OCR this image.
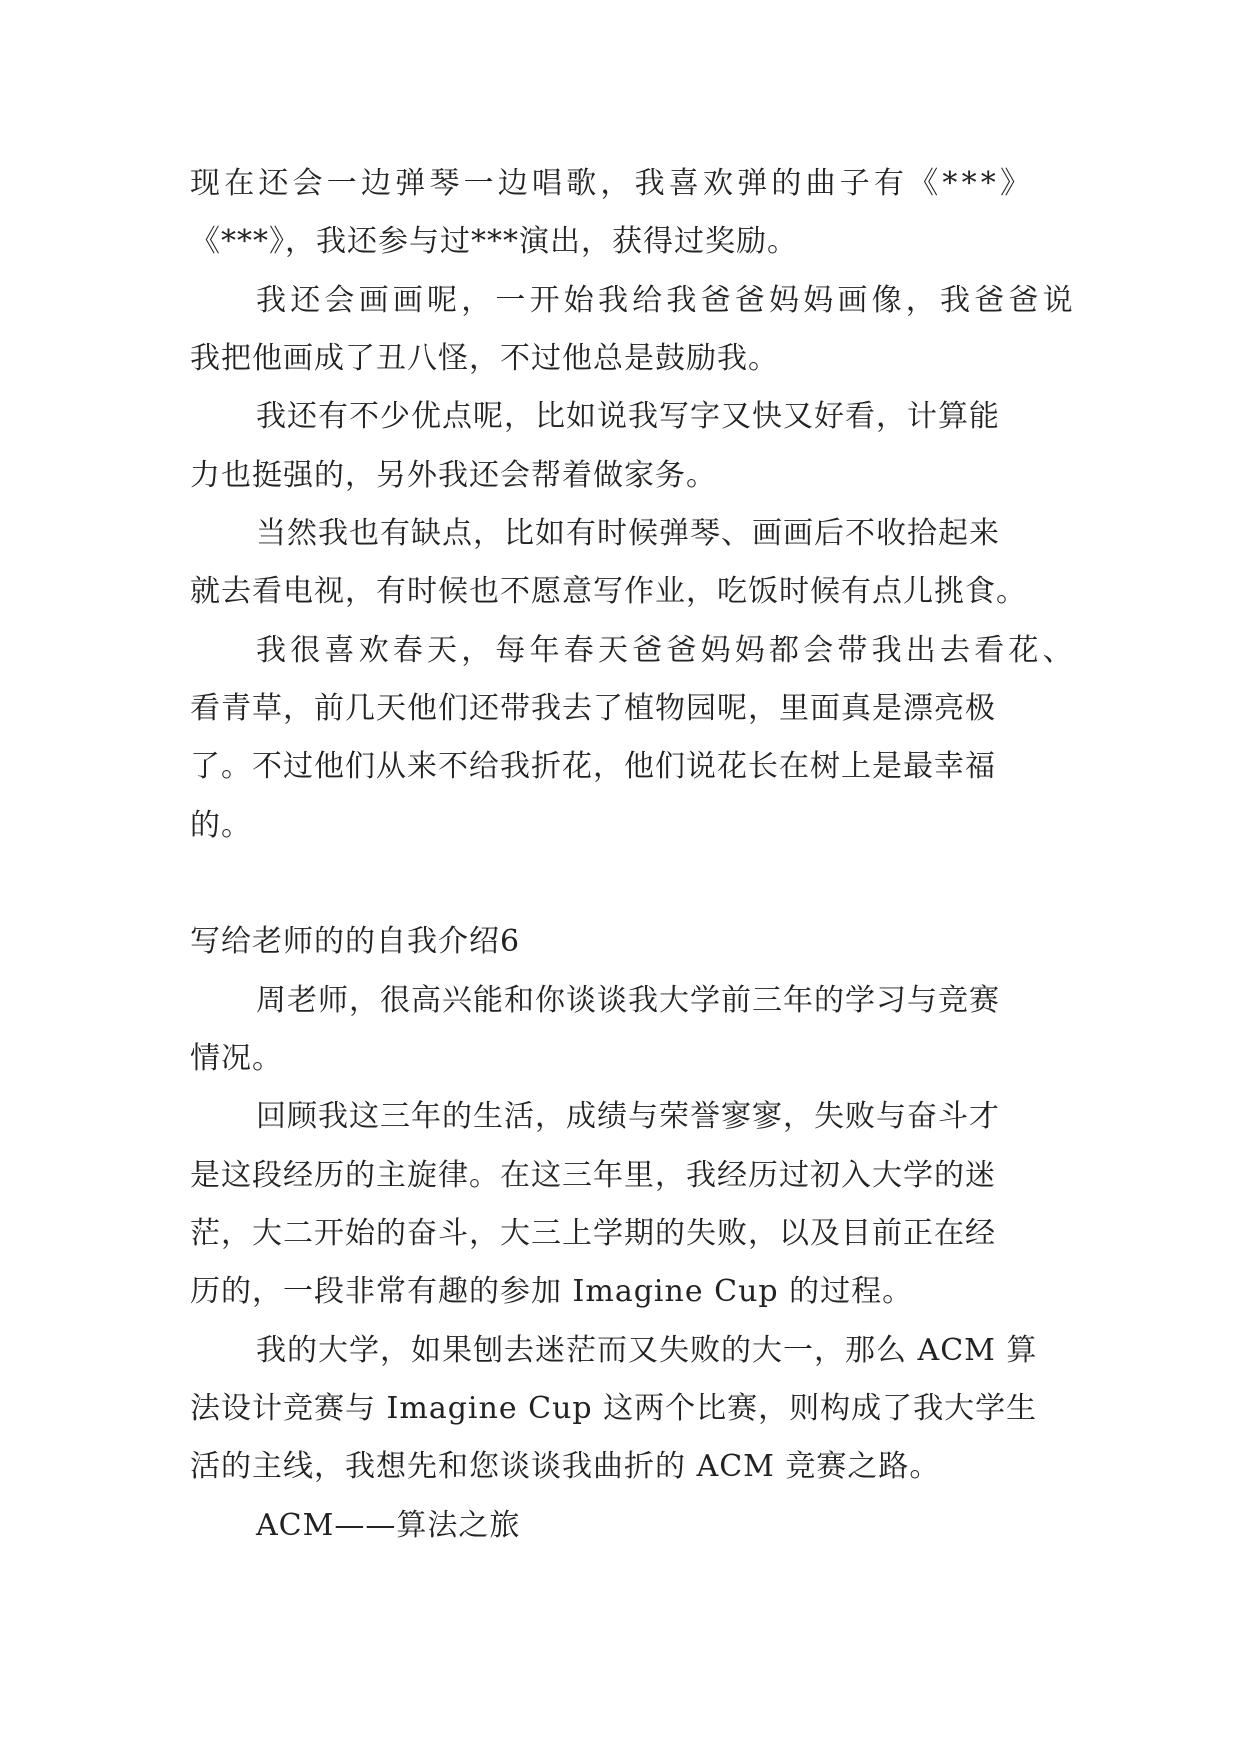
现在还会一边弹琴一边唱歌，我喜欢弹的曲子有《***》
《***》，我还参与过***演出，获得过奖励。
我还会画画呢，一开始我给我爸爸妈妈画像，我爸爸说
我把他画成了丑八怪，不过他总是鼓励我。
我还有不少优点呢，比如说我写字又快又好看，计算能
力也挺强的，另外我还会帮着做家务。
当然我也有缺点，比如有时候弹琴、画画后不收拾起来
就去看电视，有时候也不愿意写作业，吃饭时候有点儿挑食。
我很喜欢春天，每年春天爸爸妈妈都会带我出去看花、
看青草，前几天他们还带我去了植物园呢，里面真是漂亮极
了。不过他们从来不给我折花，他们说花长在树上是最幸福
的。
写给老师的的自我介绍6
周老师，很高兴能和你谈谈我大学前三年的学习与竞赛
情况。
回顾我这三年的生活，成绩与荣誉寥寥，失败与奋斗才
是这段经历的主旋律。在这三年里，我经历过初入大学的迷
茫，大二开始的奋斗，大三上学期的失败，以及目前正在经
历的，一段非常有趣的参加 Imagine Cup 的过程。
我的大学，如果刨去迷茫而又失败的大一，那么 ACM 算
法设计竞赛与 Imagine Cup 这两个比赛，则构成了我大学生
活的主线，我想先和您谈谈我曲折的 ACM 竞赛之路。
ACM——算法之旅
